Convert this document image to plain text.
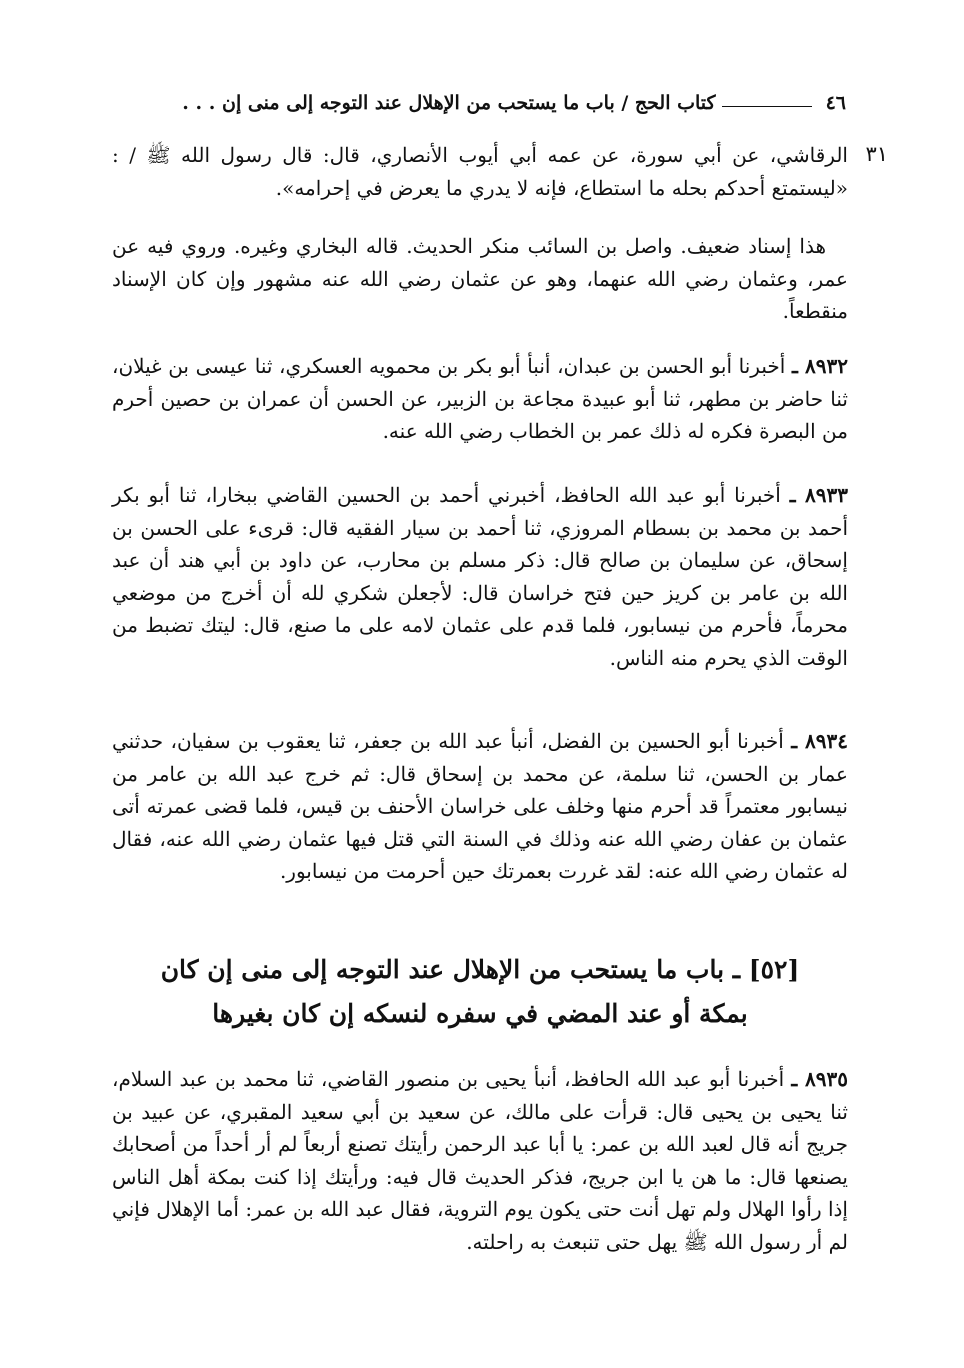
٤٦
كتاب الحج / باب ما يستحب من الإهلال عند التوجه إلى منى إن . . .
٣١

الرقاشي، عن أبي سورة، عن عمه أبي أيوب الأنصاري، قال: قال رسول الله ﷺ / : «ليستمتع أحدكم بحله ما استطاع، فإنه لا يدري ما يعرض في إحرامه».

هذا إسناد ضعيف. واصل بن السائب منكر الحديث. قاله البخاري وغيره. وروي فيه عن عمر، وعثمان رضي الله عنهما، وهو عن عثمان رضي الله عنه مشهور وإن كان الإسناد منقطعاً.

٨٩٣٢ ـ أخبرنا أبو الحسن بن عبدان، أنبأ أبو بكر بن محمويه العسكري، ثنا عيسى بن غيلان، ثنا حاضر بن مطهر، ثنا أبو عبيدة مجاعة بن الزبير، عن الحسن أن عمران بن حصين أحرم من البصرة فكره له ذلك عمر بن الخطاب رضي الله عنه.

٨٩٣٣ ـ أخبرنا أبو عبد الله الحافظ، أخبرني أحمد بن الحسين القاضي ببخارا، ثنا أبو بكر أحمد بن محمد بن بسطام المروزي، ثنا أحمد بن سيار الفقيه قال: قرىء على الحسن بن إسحاق، عن سليمان بن صالح قال: ذكر مسلم بن محارب، عن داود بن أبي هند أن عبد الله بن عامر بن كريز حين فتح خراسان قال: لأجعلن شكري لله أن أخرج من موضعي محرماً، فأحرم من نيسابور، فلما قدم على عثمان لامه على ما صنع، قال: ليتك تضبط من الوقت الذي يحرم منه الناس.

٨٩٣٤ ـ أخبرنا أبو الحسين بن الفضل، أنبأ عبد الله بن جعفر، ثنا يعقوب بن سفيان، حدثني عمار بن الحسن، ثنا سلمة، عن محمد بن إسحاق قال: ثم خرج عبد الله بن عامر من نيسابور معتمراً قد أحرم منها وخلف على خراسان الأحنف بن قيس، فلما قضى عمرته أتى عثمان بن عفان رضي الله عنه وذلك في السنة التي قتل فيها عثمان رضي الله عنه، فقال له عثمان رضي الله عنه: لقد غررت بعمرتك حين أحرمت من نيسابور.

[٥٢] ـ باب ما يستحب من الإهلال عند التوجه إلى منى إن كان
بمكة أو عند المضي في سفره لنسكه إن كان بغيرها

٨٩٣٥ ـ أخبرنا أبو عبد الله الحافظ، أنبأ يحيى بن منصور القاضي، ثنا محمد بن عبد السلام، ثنا يحيى بن يحيى قال: قرأت على مالك، عن سعيد بن أبي سعيد المقبري، عن عبيد بن جريج أنه قال لعبد الله بن عمر: يا أبا عبد الرحمن رأيتك تصنع أربعاً لم أر أحداً من أصحابك يصنعها قال: ما هن يا ابن جريج، فذكر الحديث قال فيه: ورأيتك إذا كنت بمكة أهل الناس إذا رأوا الهلال ولم تهل أنت حتى يكون يوم التروية، فقال عبد الله بن عمر: أما الإهلال فإني لم أر رسول الله ﷺ يهل حتى تنبعث به راحلته.
